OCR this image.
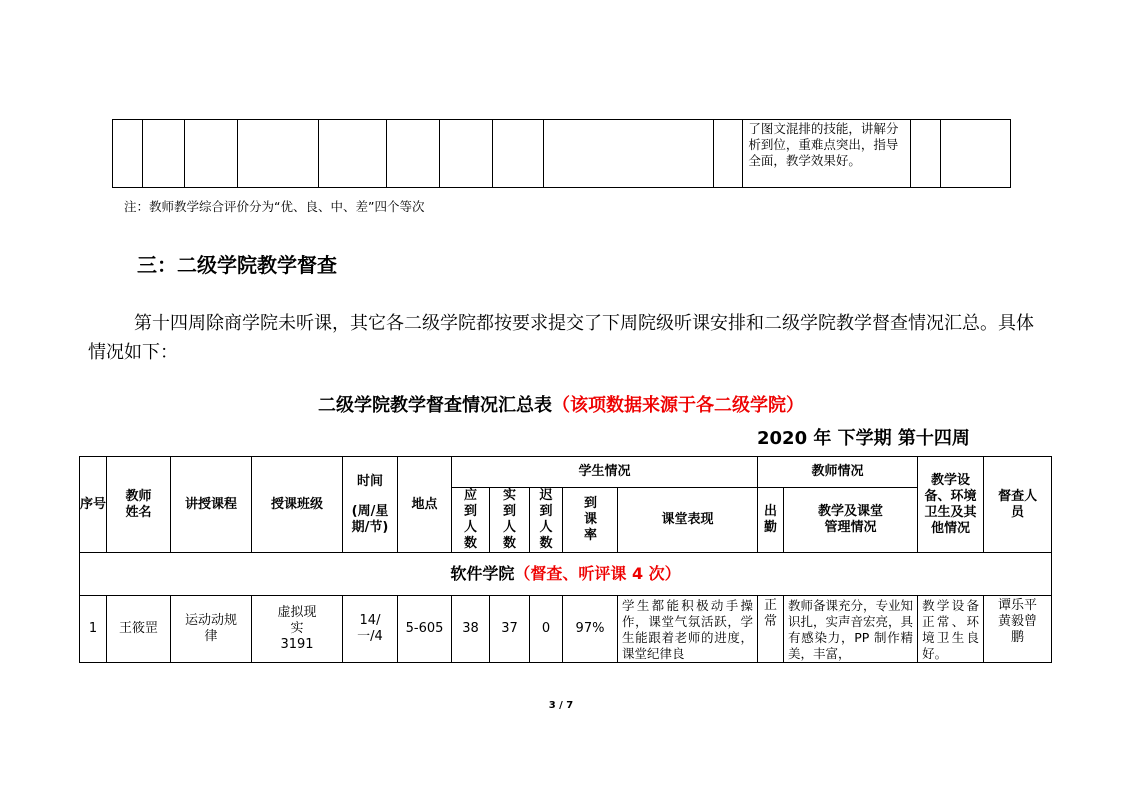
										了图文混排的技能，讲解分析到位，重难点突出，指导全面，教学效果好。		
注：教师教学综合评价分为“优、良、中、差”四个等次
三：二级学院教学督查

第十四周除商学院未听课，其它各二级学院都按要求提交了下周院级听课安排和二级学院教学督查情况汇总。具体情况如下：

二级学院教学督查情况汇总表（该项数据来源于各二级学院）
2020 年 下学期 第十四周
序号	教师姓名	讲授课程	授课班级	时间
(周/星期/节)	地点	学生情况					教师情况		教学设备、环境卫生及其他情况	督查人员
						应到人数	实到人数	迟到人数	到课率	课堂表现	出勤	教学及课堂管理情况		
软件学院（督查、听评课 4 次）														
1	王筱罡	运动动规律	虚拟现实3191	14/一/4	5-605	38	37	0	97%	学生都能积极动手操作，课堂气氛活跃，学生能跟着老师的进度，课堂纪律良	正常	教师备课充分，专业知识扎，实声音宏亮，具有感染力，PP 制作精美，丰富，	教学设备正常、环境卫生良好。	谭乐平黄毅曾鹏
3 / 7
